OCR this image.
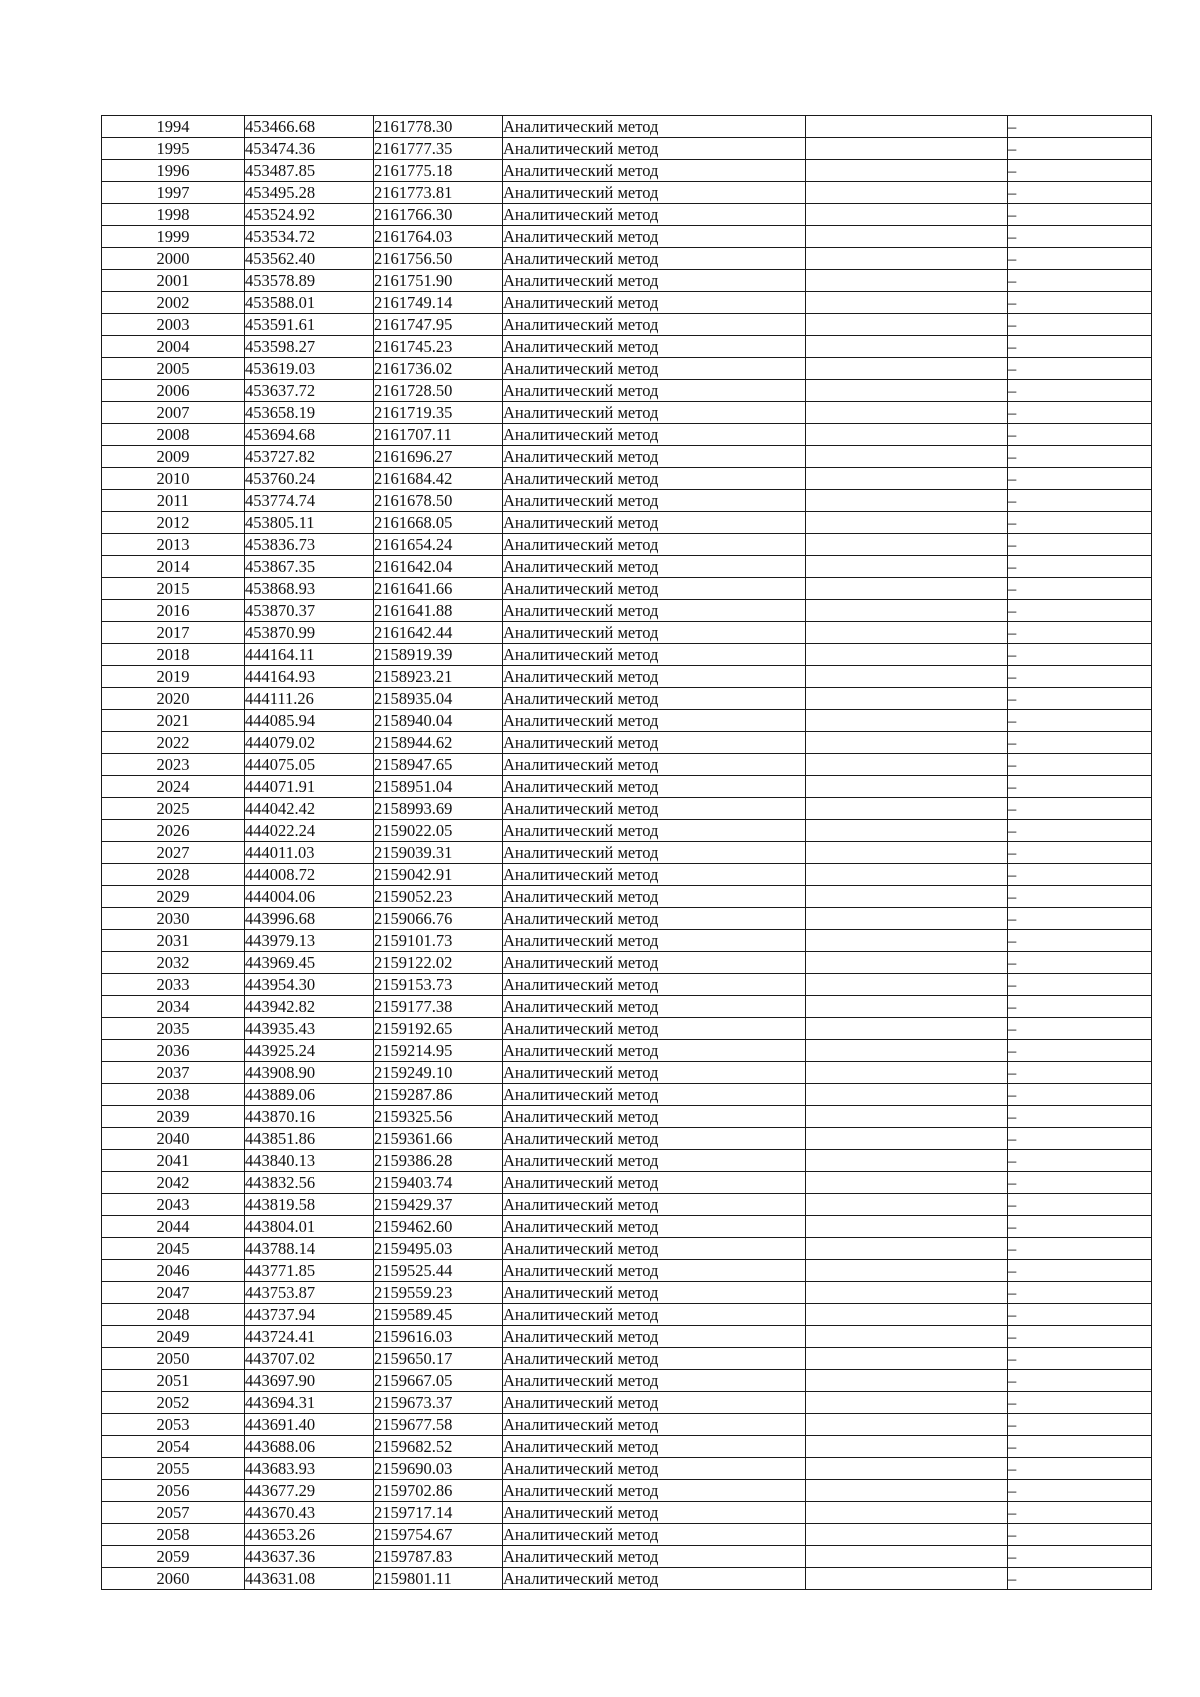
1994	453466.68	2161778.30	Аналитический метод		–
1995	453474.36	2161777.35	Аналитический метод		–
1996	453487.85	2161775.18	Аналитический метод		–
1997	453495.28	2161773.81	Аналитический метод		–
1998	453524.92	2161766.30	Аналитический метод		–
1999	453534.72	2161764.03	Аналитический метод		–
2000	453562.40	2161756.50	Аналитический метод		–
2001	453578.89	2161751.90	Аналитический метод		–
2002	453588.01	2161749.14	Аналитический метод		–
2003	453591.61	2161747.95	Аналитический метод		–
2004	453598.27	2161745.23	Аналитический метод		–
2005	453619.03	2161736.02	Аналитический метод		–
2006	453637.72	2161728.50	Аналитический метод		–
2007	453658.19	2161719.35	Аналитический метод		–
2008	453694.68	2161707.11	Аналитический метод		–
2009	453727.82	2161696.27	Аналитический метод		–
2010	453760.24	2161684.42	Аналитический метод		–
2011	453774.74	2161678.50	Аналитический метод		–
2012	453805.11	2161668.05	Аналитический метод		–
2013	453836.73	2161654.24	Аналитический метод		–
2014	453867.35	2161642.04	Аналитический метод		–
2015	453868.93	2161641.66	Аналитический метод		–
2016	453870.37	2161641.88	Аналитический метод		–
2017	453870.99	2161642.44	Аналитический метод		–
2018	444164.11	2158919.39	Аналитический метод		–
2019	444164.93	2158923.21	Аналитический метод		–
2020	444111.26	2158935.04	Аналитический метод		–
2021	444085.94	2158940.04	Аналитический метод		–
2022	444079.02	2158944.62	Аналитический метод		–
2023	444075.05	2158947.65	Аналитический метод		–
2024	444071.91	2158951.04	Аналитический метод		–
2025	444042.42	2158993.69	Аналитический метод		–
2026	444022.24	2159022.05	Аналитический метод		–
2027	444011.03	2159039.31	Аналитический метод		–
2028	444008.72	2159042.91	Аналитический метод		–
2029	444004.06	2159052.23	Аналитический метод		–
2030	443996.68	2159066.76	Аналитический метод		–
2031	443979.13	2159101.73	Аналитический метод		–
2032	443969.45	2159122.02	Аналитический метод		–
2033	443954.30	2159153.73	Аналитический метод		–
2034	443942.82	2159177.38	Аналитический метод		–
2035	443935.43	2159192.65	Аналитический метод		–
2036	443925.24	2159214.95	Аналитический метод		–
2037	443908.90	2159249.10	Аналитический метод		–
2038	443889.06	2159287.86	Аналитический метод		–
2039	443870.16	2159325.56	Аналитический метод		–
2040	443851.86	2159361.66	Аналитический метод		–
2041	443840.13	2159386.28	Аналитический метод		–
2042	443832.56	2159403.74	Аналитический метод		–
2043	443819.58	2159429.37	Аналитический метод		–
2044	443804.01	2159462.60	Аналитический метод		–
2045	443788.14	2159495.03	Аналитический метод		–
2046	443771.85	2159525.44	Аналитический метод		–
2047	443753.87	2159559.23	Аналитический метод		–
2048	443737.94	2159589.45	Аналитический метод		–
2049	443724.41	2159616.03	Аналитический метод		–
2050	443707.02	2159650.17	Аналитический метод		–
2051	443697.90	2159667.05	Аналитический метод		–
2052	443694.31	2159673.37	Аналитический метод		–
2053	443691.40	2159677.58	Аналитический метод		–
2054	443688.06	2159682.52	Аналитический метод		–
2055	443683.93	2159690.03	Аналитический метод		–
2056	443677.29	2159702.86	Аналитический метод		–
2057	443670.43	2159717.14	Аналитический метод		–
2058	443653.26	2159754.67	Аналитический метод		–
2059	443637.36	2159787.83	Аналитический метод		–
2060	443631.08	2159801.11	Аналитический метод		–
